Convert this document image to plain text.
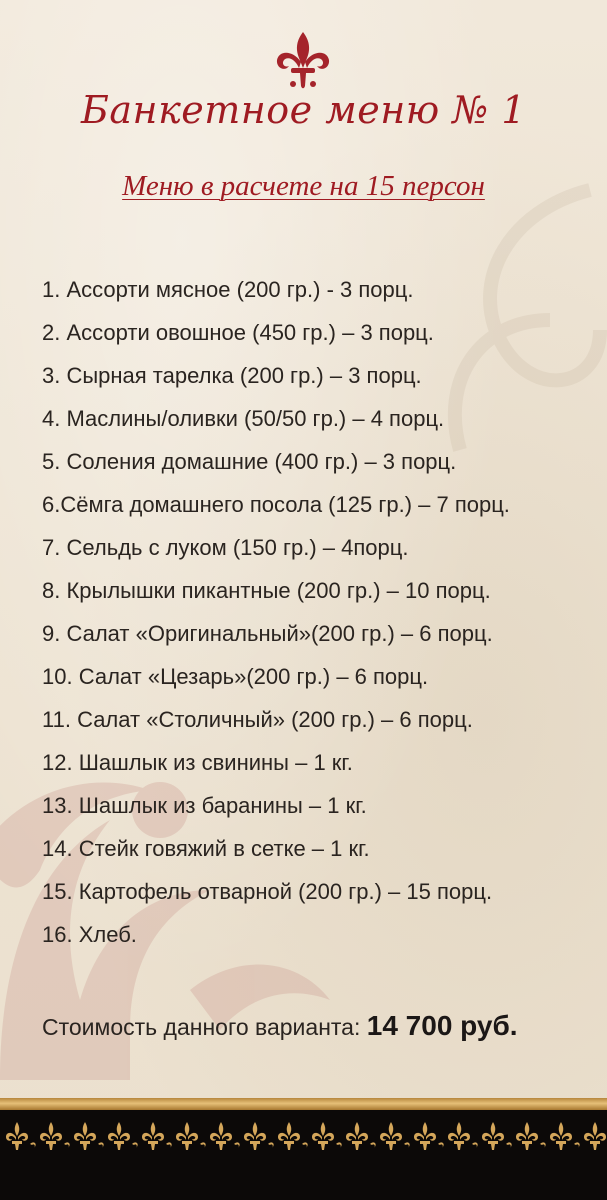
Банкетное меню № 1
Меню в расчете на 15 персон
1. Ассорти мясное (200 гр.) - 3 порц.
2. Ассорти овошное (450 гр.) – 3 порц.
3. Сырная тарелка (200 гр.) – 3 порц.
4. Маслины/оливки (50/50 гр.) – 4 порц.
5. Соления домашние (400 гр.) – 3 порц.
6.Сёмга домашнего посола (125 гр.) – 7 порц.
7. Сельдь с луком (150 гр.) – 4порц.
8. Крылышки пикантные (200 гр.) – 10 порц.
9. Салат «Оригинальный»(200 гр.) – 6 порц.
10. Салат «Цезарь»(200 гр.) – 6 порц.
11. Салат «Столичный» (200 гр.) – 6 порц.
12. Шашлык из свинины – 1 кг.
13. Шашлык из баранины – 1 кг.
14. Стейк говяжий в сетке – 1 кг.
15. Картофель отварной (200 гр.) – 15 порц.
16. Хлеб.
Стоимость данного варианта: 14 700 руб.
